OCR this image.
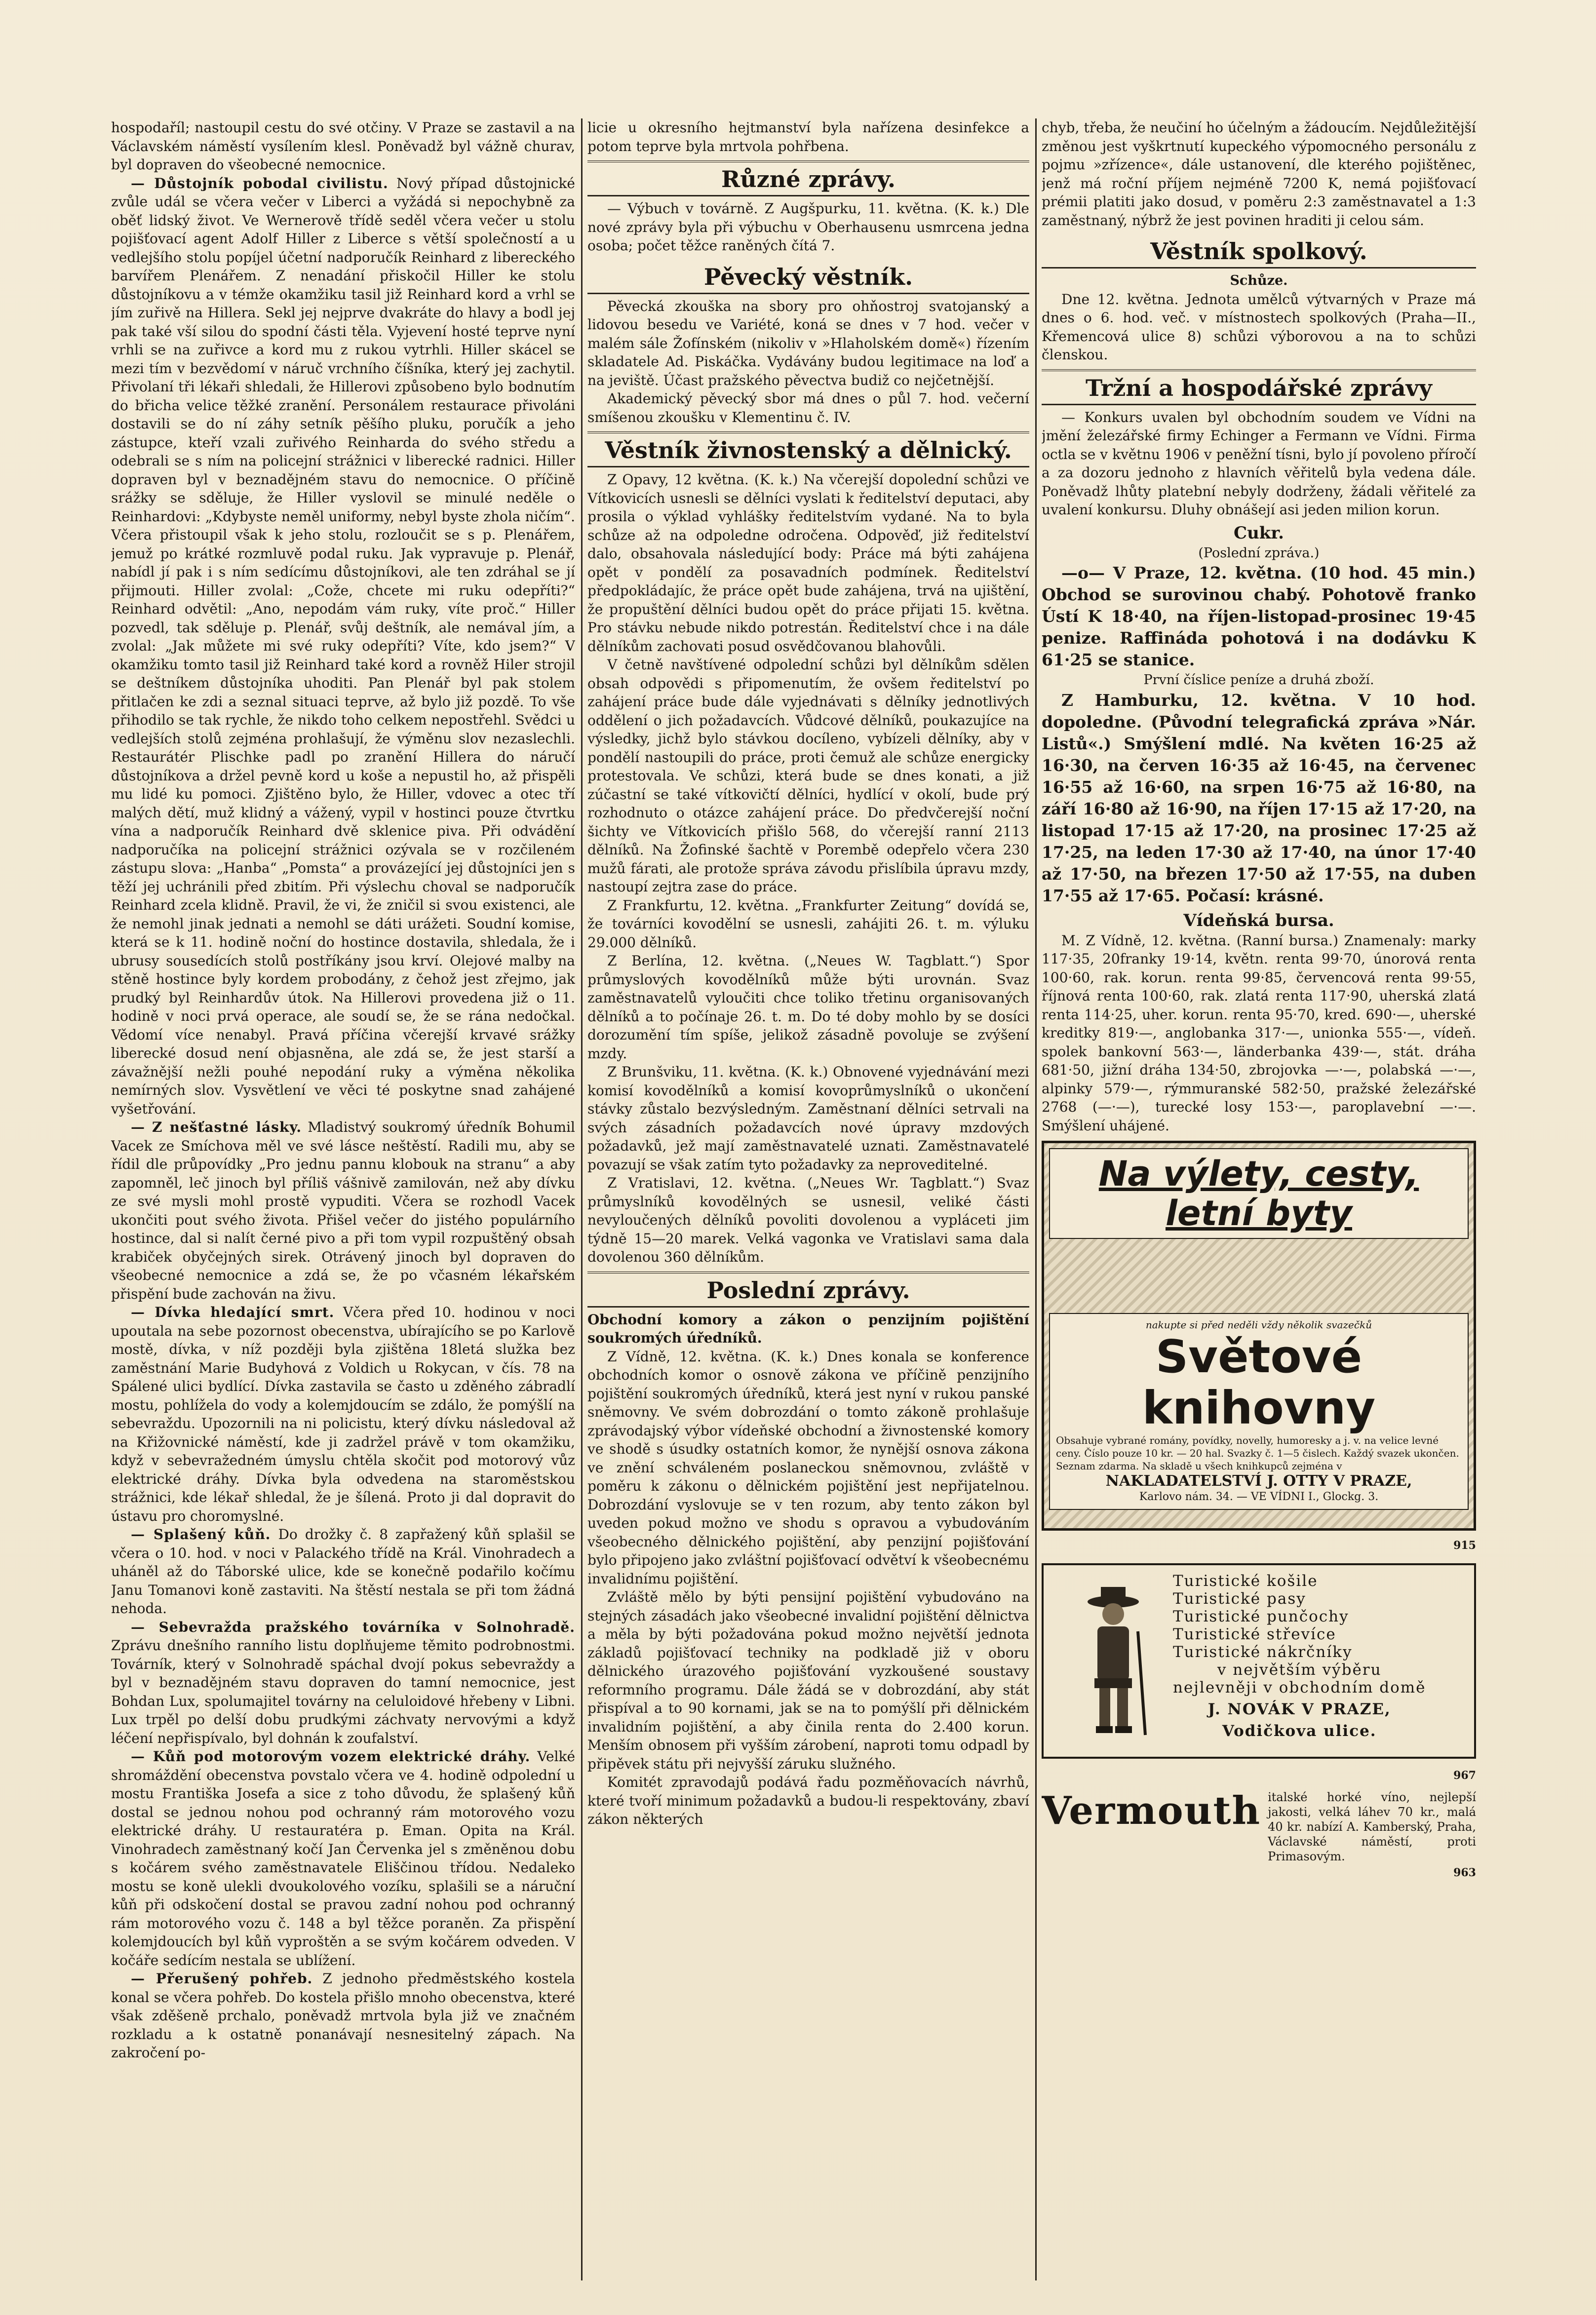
hospodaříl; nastoupil cestu do své otčiny. V Praze se zastavil a na Václavském náměstí vysílením klesl. Poněvadž byl vážně churav, byl dopraven do všeobecné nemocnice.

— Důstojník pobodal civilistu. Nový případ důstojnické zvůle udál se včera večer v Liberci a vyžádá si nepochybně za oběť lidský život. Ve Wernerově třídě seděl včera večer u stolu pojišťovací agent Adolf Hiller z Liberce s větší společností a u vedlejšího stolu popíjel účetní nadporučík Reinhard z libereckého barvířem Plenářem. Z nenadání přiskočil Hiller ke stolu důstojníkovu a v témže okamžiku tasil již Reinhard kord a vrhl se jím zuřivě na Hillera. Sekl jej nejprve dvakráte do hlavy a bodl jej pak také vší silou do spodní části těla. Vyjevení hosté teprve nyní vrhli se na zuřivce a kord mu z rukou vytrhli. Hiller skácel se mezi tím v bezvědomí v náruč vrchního číšníka, který jej zachytil. Přivolaní tři lékaři shledali, že Hillerovi způsobeno bylo bodnutím do břicha velice těžké zranění. Personálem restaurace přivoláni dostavili se do ní záhy setník pěšího pluku, poručík a jeho zástupce, kteří vzali zuřivého Reinharda do svého středu a odebrali se s ním na policejní strážnici v liberecké radnici. Hiller dopraven byl v beznadějném stavu do nemocnice. O příčině srážky se sděluje, že Hiller vyslovil se minulé neděle o Reinhardovi: „Kdybyste neměl uniformy, nebyl byste zhola ničím“. Včera přistoupil však k jeho stolu, rozloučit se s p. Plenářem, jemuž po krátké rozmluvě podal ruku. Jak vypravuje p. Plenář, nabídl jí pak i s ním sedícímu důstojníkovi, ale ten zdráhal se jí přijmouti. Hiller zvolal: „Cože, chcete mi ruku odepříti?“ Reinhard odvětil: „Ano, nepodám vám ruky, víte proč.“ Hiller pozvedl, tak sděluje p. Plenář, svůj deštník, ale nemával jím, a zvolal: „Jak můžete mi své ruky odepříti? Víte, kdo jsem?“ V okamžiku tomto tasil již Reinhard také kord a rovněž Hiler strojil se deštníkem důstojníka uhoditi. Pan Plenář byl pak stolem přitlačen ke zdi a seznal situaci teprve, až bylo již pozdě. To vše přihodilo se tak rychle, že nikdo toho celkem nepostřehl. Svědci u vedlejších stolů zejména prohlašují, že výměnu slov nezaslechli. Restaurátér Plischke padl po zranění Hillera do náručí důstojníkova a držel pevně kord u koše a nepustil ho, až přispěli mu lidé ku pomoci. Zjištěno bylo, že Hiller, vdovec a otec tří malých dětí, muž klidný a vážený, vypil v hostinci pouze čtvrtku vína a nadporučík Reinhard dvě sklenice piva. Při odvádění nadporučíka na policejní strážnici ozývala se v rozčileném zástupu slova: „Hanba“ „Pomsta“ a provázející jej důstojníci jen s těží jej uchránili před zbitím. Při výslechu choval se nadporučík Reinhard zcela klidně. Pravil, že vi, že zničil si svou existenci, ale že nemohl jinak jednati a nemohl se dáti urážeti. Soudní komise, která se k 11. hodině noční do hostince dostavila, shledala, že i ubrusy sousedících stolů postříkány jsou krví. Olejové malby na stěně hostince byly kordem probodány, z čehož jest zřejmo, jak prudký byl Reinhardův útok. Na Hillerovi provedena již o 11. hodině v noci prvá operace, ale soudí se, že se rána nedočkal. Vědomí více nenabyl. Pravá příčina včerejší krvavé srážky liberecké dosud není objasněna, ale zdá se, že jest starší a závažnější nežli pouhé nepodání ruky a výměna několika nemírných slov. Vysvětlení ve věci té poskytne snad zahájené vyšetřování.

— Z nešťastné lásky. Mladistvý soukromý úředník Bohumil Vacek ze Smíchova měl ve své lásce neštěstí. Radili mu, aby se řídil dle průpovídky „Pro jednu pannu klobouk na stranu“ a aby zapomněl, leč jinoch byl příliš vášnivě zamilován, než aby dívku ze své mysli mohl prostě vypuditi. Včera se rozhodl Vacek ukončiti pout svého života. Přišel večer do jistého populárního hostince, dal si nalít černé pivo a při tom vypil rozpuštěný obsah krabiček obyčejných sirek. Otrávený jinoch byl dopraven do všeobecné nemocnice a zdá se, že po včasném lékařském přispění bude zachován na živu.

— Dívka hledající smrt. Včera před 10. hodinou v noci upoutala na sebe pozornost obecenstva, ubírajícího se po Karlově mostě, dívka, v níž později byla zjištěna 18letá služka bez zaměstnání Marie Budyhová z Voldich u Rokycan, v čís. 78 na Spálené ulici bydlící. Dívka zastavila se často u zděného zábradlí mostu, pohlížela do vody a kolemjdoucím se zdálo, že pomýšlí na sebevraždu. Upozornili na ni policistu, který dívku následoval až na Křižovnické náměstí, kde ji zadržel právě v tom okamžiku, když v sebevražedném úmyslu chtěla skočit pod motorový vůz elektrické dráhy. Dívka byla odvedena na staroměstskou strážnici, kde lékař shledal, že je šílená. Proto ji dal dopravit do ústavu pro choromyslné.

— Splašený kůň. Do drožky č. 8 zapřažený kůň splašil se včera o 10. hod. v noci v Palackého třídě na Král. Vinohradech a uháněl až do Táborské ulice, kde se konečně podařilo kočímu Janu Tomanovi koně zastaviti. Na štěstí nestala se při tom žádná nehoda.

— Sebevražda pražského továrníka v Solnohradě. Zprávu dnešního ranního listu doplňujeme těmito podrobnostmi. Továrník, který v Solnohradě spáchal dvojí pokus sebevraždy a byl v beznadějném stavu dopraven do tamní nemocnice, jest Bohdan Lux, spolumajitel továrny na celuloidové hřebeny v Libni. Lux trpěl po delší dobu prudkými záchvaty nervovými a když léčení nepřispívalo, byl dohnán k zoufalství.

— Kůň pod motorovým vozem elektrické dráhy. Velké shromáždění obecenstva povstalo včera ve 4. hodině odpolední u mostu Františka Josefa a sice z toho důvodu, že splašený kůň dostal se jednou nohou pod ochranný rám motorového vozu elektrické dráhy. U restauratéra p. Eman. Opita na Král. Vinohradech zaměstnaný kočí Jan Červenka jel s změněnou dobu s kočárem svého zaměstnavatele Eliščinou třídou. Nedaleko mostu se koně ulekli dvoukolového vozíku, splašili se a náruční kůň při odskočení dostal se pravou zadní nohou pod ochranný rám motorového vozu č. 148 a byl těžce poraněn. Za přispění kolemjdoucích byl kůň vyproštěn a se svým kočárem odveden. V kočáře sedícím nestala se ublížení.

— Přerušený pohřeb. Z jednoho předměstského kostela konal se včera pohřeb. Do kostela přišlo mnoho obecenstva, které však zděšeně prchalo, poněvadž mrtvola byla již ve značném rozkladu a k ostatně ponanávají nesnesitelný zápach. Na zakročení po-

licie u okresního hejtmanství byla nařízena desinfekce a potom teprve byla mrtvola pohřbena.

Různé zprávy.

— Výbuch v továrně. Z Augšpurku, 11. května. (K. k.) Dle nové zprávy byla při výbuchu v Oberhausenu usmrcena jedna osoba; počet těžce raněných čítá 7.

Pěvecký věstník.

Pěvecká zkouška na sbory pro ohňostroj svatojanský a lidovou besedu ve Variété, koná se dnes v 7 hod. večer v malém sále Žofínském (nikoliv v »Hlaholském domě«) řízením skladatele Ad. Piskáčka. Vydávány budou legitimace na loď a na jeviště. Účast pražského pěvectva budiž co nejčetnější.

Akademický pěvecký sbor má dnes o půl 7. hod. večerní smíšenou zkoušku v Klementinu č. IV.

Věstník živnostenský a dělnický.

Z Opavy, 12 května. (K. k.) Na včerejší dopolední schůzi ve Vítkovicích usnesli se dělníci vyslati k ředitelství deputaci, aby prosila o výklad vyhlášky ředitelstvím vydané. Na to byla schůze až na odpoledne odročena. Odpověď, již ředitelství dalo, obsahovala následující body: Práce má býti zahájena opět v pondělí za posavadních podmínek. Ředitelství předpokládajíc, že práce opět bude zahájena, trvá na ujištění, že propuštění dělníci budou opět do práce přijati 15. května. Pro stávku nebude nikdo potrestán. Ředitelství chce i na dále dělníkům zachovati posud osvědčovanou blahovůli.

V četně navštívené odpolední schůzi byl dělníkům sdělen obsah odpovědi s připomenutím, že ovšem ředitelství po zahájení práce bude dále vyjednávati s dělníky jednotlivých oddělení o jich požadavcích. Vůdcové dělníků, poukazujíce na výsledky, jichž bylo stávkou docíleno, vybízeli dělníky, aby v pondělí nastoupili do práce, proti čemuž ale schůze energicky protestovala. Ve schůzi, která bude se dnes konati, a již zúčastní se také vítkovičtí dělníci, hydlící v okolí, bude prý rozhodnuto o otázce zahájení práce. Do předvčerejší noční šichty ve Vítkovicích přišlo 568, do včerejší ranní 2113 dělníků. Na Žofinské šachtě v Porembě odepřelo včera 230 mužů fárati, ale protože správa závodu přislíbila úpravu mzdy, nastoupí zejtra zase do práce.

Z Frankfurtu, 12. května. „Frankfurter Zeitung“ dovídá se, že továrníci kovodělní se usnesli, zahájiti 26. t. m. výluku 29.000 dělníků.

Z Berlína, 12. května. („Neues W. Tagblatt.“) Spor průmyslových kovodělníků může býti urovnán. Svaz zaměstnavatelů vyloučiti chce toliko třetinu organisovaných dělníků a to počínaje 26. t. m. Do té doby mohlo by se dosíci dorozumění tím spíše, jelikož zásadně povoluje se zvýšení mzdy.

Z Brunšviku, 11. května. (K. k.) Obnovené vyjednávání mezi komisí kovodělníků a komisí kovoprůmyslníků o ukončení stávky zůstalo bezvýsledným. Zaměstnaní dělníci setrvali na svých zásadních požadavcích nové úpravy mzdových požadavků, jež mají zaměstnavatelé uznati. Zaměstnavatelé povazují se však zatím tyto požadavky za neproveditelné.

Z Vratislavi, 12. května. („Neues Wr. Tagblatt.“) Svaz průmyslníků kovodělných se usnesil, veliké části nevyloučených dělníků povoliti dovolenou a vypláceti jim týdně 15—20 marek. Velká vagonka ve Vratislavi sama dala dovolenou 360 dělníkům.

Poslední zprávy.

Obchodní komory a zákon o penzijním pojištění soukromých úředníků.

Z Vídně, 12. května. (K. k.) Dnes konala se konference obchodních komor o osnově zákona ve příčině penzijního pojištění soukromých úředníků, která jest nyní v rukou panské sněmovny. Ve svém dobrozdání o tomto zákoně prohlašuje zprávodajský výbor vídeňské obchodní a živnostenské komory ve shodě s úsudky ostatních komor, že nynější osnova zákona ve znění schváleném poslaneckou sněmovnou, zvláště v poměru k zákonu o dělnickém pojištění jest nepřijatelnou. Dobrozdání vyslovuje se v ten rozum, aby tento zákon byl uveden pokud možno ve shodu s opravou a vybudováním všeobecného dělnického pojištění, aby penzijní pojišťování bylo připojeno jako zvláštní pojišťovací odvětví k všeobecnému invalidnímu pojištění.

Zvláště mělo by býti pensijní pojištění vybudováno na stejných zásadách jako všeobecné invalidní pojištění dělnictva a měla by býti požadována pokud možno největší jednota základů pojišťovací techniky na podkladě již v oboru dělnického úrazového pojišťování vyzkoušené soustavy reformního programu. Dále žádá se v dobrozdání, aby stát přispíval a to 90 kornami, jak se na to pomýšlí při dělnickém invalidním pojištění, a aby činila renta do 2.400 korun. Menším obnosem při vyšším zárobení, naproti tomu odpadl by připěvek státu při nejvyšší záruku služného.

Komitét zpravodajů podává řadu pozměňovacích návrhů, které tvoří minimum požadavků a budou-li respektovány, zbaví zákon některých

chyb, třeba, že neučiní ho účelným a žádoucím. Nejdůležitější změnou jest vyškrtnutí kupeckého výpomocného personálu z pojmu »zřízence«, dále ustanovení, dle kterého pojištěnec, jenž má roční příjem nejméně 7200 K, nemá pojišťovací prémii platiti jako dosud, v poměru 2:3 zaměstnavatel a 1:3 zaměstnaný, nýbrž že jest povinen hraditi ji celou sám.

Věstník spolkový.

Schůze.

Dne 12. května. Jednota umělců výtvarných v Praze má dnes o 6. hod. več. v místnostech spolkových (Praha—II., Křemencová ulice 8) schůzi výborovou a na to schůzi členskou.

Tržní a hospodářské zprávy

— Konkurs uvalen byl obchodním soudem ve Vídni na jmění železářské firmy Echinger a Fermann ve Vídni. Firma octla se v květnu 1906 v peněžní tísni, bylo jí povoleno příročí a za dozoru jednoho z hlavních věřitelů byla vedena dále. Poněvadž lhůty platební nebyly dodrženy, žádali věřitelé za uvalení konkursu. Dluhy obnášejí asi jeden milion korun.

Cukr.

(Poslední zpráva.)

—o— V Praze, 12. května. (10 hod. 45 min.) Obchod se surovinou chabý. Pohotově franko Ústí K 18·40, na říjen-listopad-prosinec 19·45 penize. Raffináda pohotová i na dodávku K 61·25 se stanice.

První číslice peníze a druhá zboží.

Z Hamburku, 12. května. V 10 hod. dopoledne. (Původní telegrafická zpráva »Nár. Listů«.) Smýšlení mdlé. Na květen 16·25 až 16·30, na červen 16·35 až 16·45, na červenec 16·55 až 16·60, na srpen 16·75 až 16·80, na září 16·80 až 16·90, na říjen 17·15 až 17·20, na listopad 17·15 až 17·20, na prosinec 17·25 až 17·25, na leden 17·30 až 17·40, na únor 17·40 až 17·50, na březen 17·50 až 17·55, na duben 17·55 až 17·65. Počasí: krásné.

Vídeňská bursa.

M. Z Vídně, 12. května. (Ranní bursa.) Znamenaly: marky 117·35, 20franky 19·14, květn. renta 99·70, únorová renta 100·60, rak. korun. renta 99·85, červencová renta 99·55, říjnová renta 100·60, rak. zlatá renta 117·90, uherská zlatá renta 114·25, uher. korun. renta 95·70, kred. 690·—, uherské kreditky 819·—, anglobanka 317·—, unionka 555·—, vídeň. spolek bankovní 563·—, länderbanka 439·—, stát. dráha 681·50, jižní dráha 134·50, zbrojovka —·—, polabská —·—, alpinky 579·—, rýmmuranské 582·50, pražské železářské 2768 (—·—), turecké losy 153·—, paroplavební —·—. Smýšlení uhájené.

Na výlety, cesty, letní byty
nakupte si před neděli vždy několik svazečků
Světové knihovny
Obsahuje vybrané romány, povídky, novelly, humoresky a j. v. na velice levné ceny. Číslo pouze 10 kr. — 20 hal. Svazky č. 1—5 čislech. Každý svazek ukončen. Seznam zdarma. Na skladě u všech knihkupců zejména v
NAKLADATELSTVÍ J. OTTY V PRAZE,
Karlovo nám. 34. — VE VÍDNI I., Glockg. 3.
915
Turistické košile
Turistické pasy
Turistické punčochy
Turistické střevíce
Turistické nákrčníky
v největším výběru
nejlevněji v obchodním domě
J. NOVÁK V PRAZE,
Vodičkova ulice.
967
Vermouth italské horké víno, nejlepší jakosti, velká láhev 70 kr., malá 40 kr. nabízí A. Kamberský, Praha, Václavské náměstí, proti Primasovým.
963
